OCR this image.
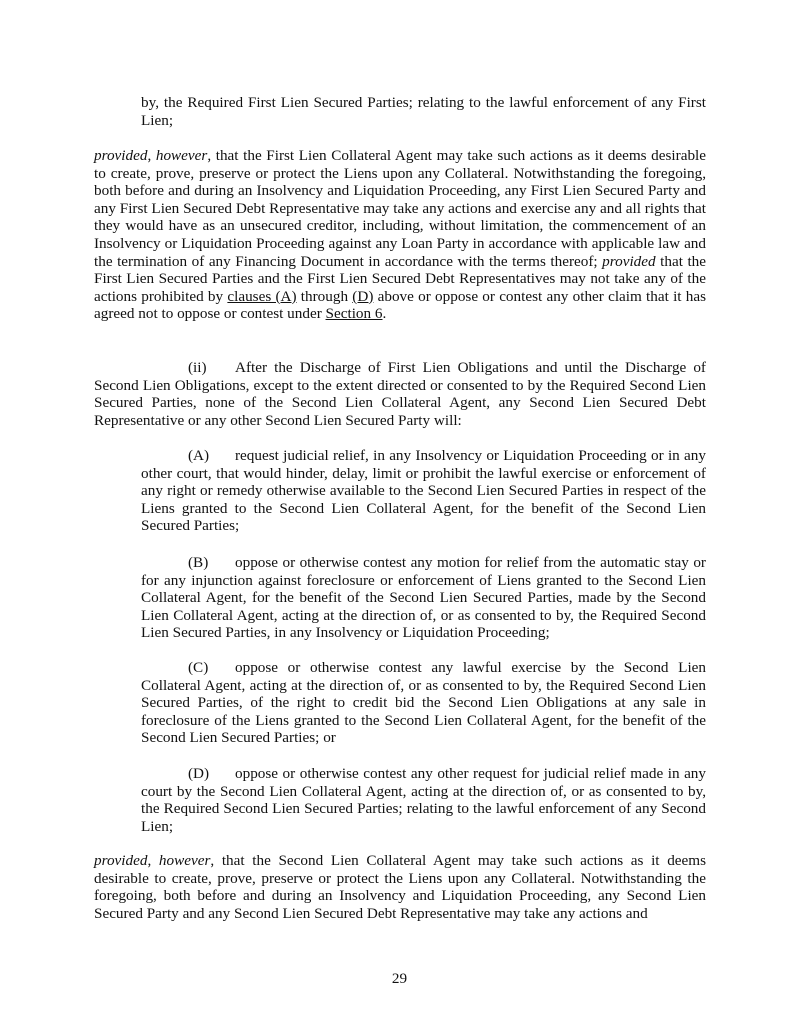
by, the Required First Lien Secured Parties; relating to the lawful enforcement of any First Lien;

provided, however, that the First Lien Collateral Agent may take such actions as it deems desirable to create, prove, preserve or protect the Liens upon any Collateral. Notwithstanding the foregoing, both before and during an Insolvency and Liquidation Proceeding, any First Lien Secured Party and any First Lien Secured Debt Representative may take any actions and exercise any and all rights that they would have as an unsecured creditor, including, without limitation, the commencement of an Insolvency or Liquidation Proceeding against any Loan Party in accordance with applicable law and the termination of any Financing Document in accordance with the terms thereof; provided that the First Lien Secured Parties and the First Lien Secured Debt Representatives may not take any of the actions prohibited by clauses (A) through (D) above or oppose or contest any other claim that it has agreed not to oppose or contest under Section 6.

(ii) After the Discharge of First Lien Obligations and until the Discharge of Second Lien Obligations, except to the extent directed or consented to by the Required Second Lien Secured Parties, none of the Second Lien Collateral Agent, any Second Lien Secured Debt Representative or any other Second Lien Secured Party will:

(A) request judicial relief, in any Insolvency or Liquidation Proceeding or in any other court, that would hinder, delay, limit or prohibit the lawful exercise or enforcement of any right or remedy otherwise available to the Second Lien Secured Parties in respect of the Liens granted to the Second Lien Collateral Agent, for the benefit of the Second Lien Secured Parties;

(B) oppose or otherwise contest any motion for relief from the automatic stay or for any injunction against foreclosure or enforcement of Liens granted to the Second Lien Collateral Agent, for the benefit of the Second Lien Secured Parties, made by the Second Lien Collateral Agent, acting at the direction of, or as consented to by, the Required Second Lien Secured Parties, in any Insolvency or Liquidation Proceeding;

(C) oppose or otherwise contest any lawful exercise by the Second Lien Collateral Agent, acting at the direction of, or as consented to by, the Required Second Lien Secured Parties, of the right to credit bid the Second Lien Obligations at any sale in foreclosure of the Liens granted to the Second Lien Collateral Agent, for the benefit of the Second Lien Secured Parties; or

(D) oppose or otherwise contest any other request for judicial relief made in any court by the Second Lien Collateral Agent, acting at the direction of, or as consented to by, the Required Second Lien Secured Parties; relating to the lawful enforcement of any Second Lien;

provided, however, that the Second Lien Collateral Agent may take such actions as it deems desirable to create, prove, preserve or protect the Liens upon any Collateral. Notwithstanding the foregoing, both before and during an Insolvency and Liquidation Proceeding, any Second Lien Secured Party and any Second Lien Secured Debt Representative may take any actions and

29
